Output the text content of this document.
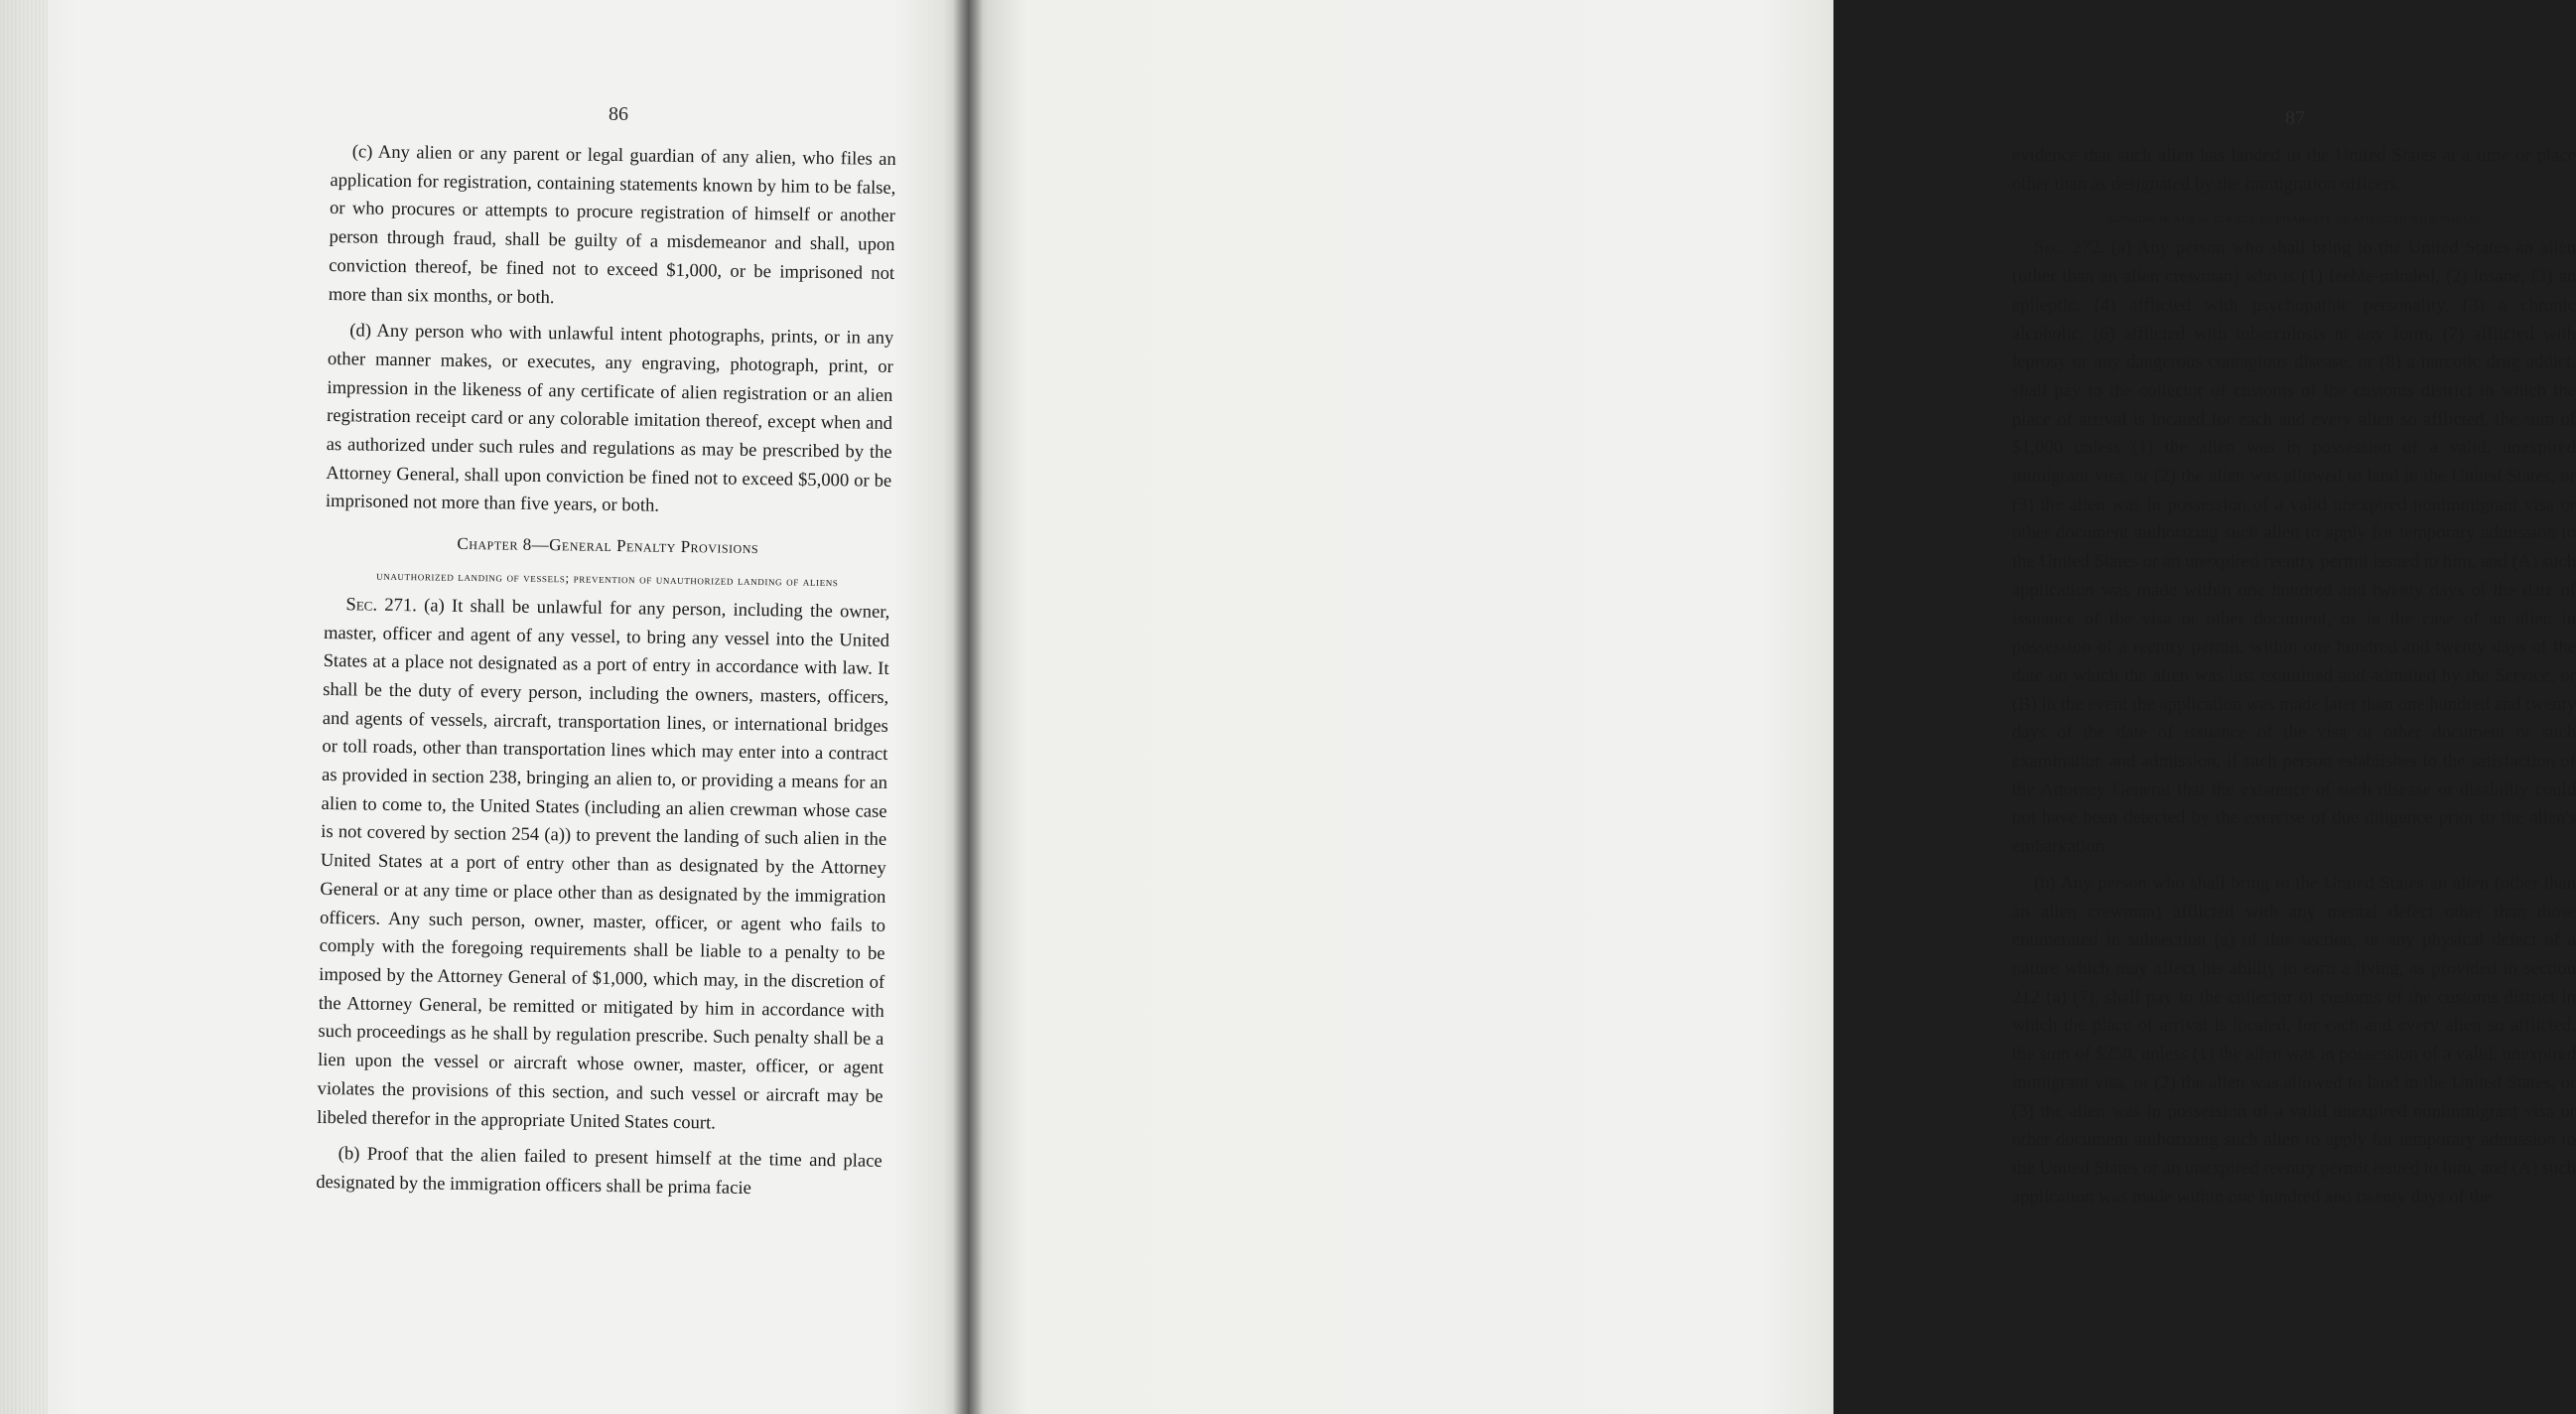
86

(c) Any alien or any parent or legal guardian of any alien, who files an application for registration, containing statements known by him to be false, or who procures or attempts to procure registration of himself or another person through fraud, shall be guilty of a misdemeanor and shall, upon conviction thereof, be fined not to exceed $1,000, or be imprisoned not more than six months, or both.

(d) Any person who with unlawful intent photographs, prints, or in any other manner makes, or executes, any engraving, photograph, print, or impression in the likeness of any certificate of alien registration or an alien registration receipt card or any colorable imitation thereof, except when and as authorized under such rules and regulations as may be prescribed by the Attorney General, shall upon conviction be fined not to exceed $5,000 or be imprisoned not more than five years, or both.

Chapter 8—General Penalty Provisions
unauthorized landing of vessels; prevention of unauthorized landing of aliens

Sec. 271. (a) It shall be unlawful for any person, including the owner, master, officer and agent of any vessel, to bring any vessel into the United States at a place not designated as a port of entry in accordance with law. It shall be the duty of every person, including the owners, masters, officers, and agents of vessels, aircraft, transportation lines, or international bridges or toll roads, other than transportation lines which may enter into a contract as provided in section 238, bringing an alien to, or providing a means for an alien to come to, the United States (including an alien crewman whose case is not covered by section 254 (a)) to prevent the landing of such alien in the United States at a port of entry other than as designated by the Attorney General or at any time or place other than as designated by the immigration officers. Any such person, owner, master, officer, or agent who fails to comply with the foregoing requirements shall be liable to a penalty to be imposed by the Attorney General of $1,000, which may, in the discretion of the Attorney General, be remitted or mitigated by him in accordance with such proceedings as he shall by regulation prescribe. Such penalty shall be a lien upon the vessel or aircraft whose owner, master, officer, or agent violates the provisions of this section, and such vessel or aircraft may be libeled therefor in the appropriate United States court.

(b) Proof that the alien failed to present himself at the time and place designated by the immigration officers shall be prima facie

87

evidence that such alien has landed in the United States at a time or place other than as designated by the immigration officers.

bringing in aliens subject to disability or afflicted with disease

Sec. 272. (a) Any person who shall bring to the United States an alien (other than an alien crewman) who is (1) feeble-minded, (2) insane, (3) an epileptic, (4) afflicted with psychopathic personality, (3) a chronic alcoholic, (6) afflicted with tuberculosis in any form, (7) afflicted with leprosy or any dangerous contagious disease, or (8) a narcotic drug addict, shall pay to the collector of customs of the customs district in which the place of arrival is located for each and every alien so afflicted, the sum of $1,000 unless (1) the alien was in possession of a valid, unexpired immigrant visa, or (2) the alien was allowed to land in the United States, or (3) the alien was in possession of a valid unexpired nonimmigrant visa or other document authorizing such alien to apply for temporary admission to the United States or an unexpired reentry permit issued to him, and (A) such application was made within one hundred and twenty days of the date of issuance of the visa or other document, or in the case of an alien in possession of a reentry permit, within one hundred and twenty days of the date on which the alien was last examined and admitted by the Service, or (B) in the event the application was made later than one hundred and twenty days of the date of issuance of the visa or other document or such examination and admission, if such person establishes to the satisfaction of the Attorney General that the existence of such disease or disability could not have been detected by the exercise of due diligence prior to the alien's embarkation.

(b) Any person who shall bring to the United States an alien (other than an alien crewman) afflicted with any mental defect other than those enumerated in subsection (a) of this section, or any physical defect of a nature which may affect his ability to earn a living, as provided in section 212 (a) (7), shall pay to the collector of customs of the customs district in which the place of arrival is located, for each and every alien so afflicted, the sum of $250, unless (1) the alien was in possession of a valid, unexpired immigrant visa, or (2) the alien was allowed to land in the United States, or (3) the alien was in possession of a valid unexpired nonimmigrant visa or other document authorizing such alien to apply for temporary admission to the United States or an unexpired reentry permit issued to him, and (A) such application was made within one hundred and twenty days of the
